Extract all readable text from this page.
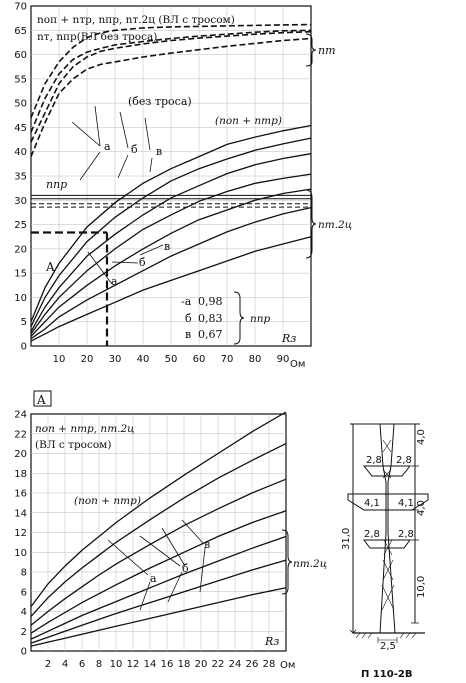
0
5
10
15
20
25
30
35
40
45
50
55
60
65
70
10 20 30 40 50 60 70 80 90
nоп + nтр, nпр, nт.2ц (ВЛ с тросом)
nт, nпр(ВЛ без троса)
nт
(без троса)
(nоп + nтр)
а б в
nпр
nт.2ц
A
а
б
в
-а 0,98
б 0,83
в 0,67
nпр
Rз
Ом
A
0
2
4
6
8
10
12
14
16
18
20
22
24
2 4 6 8 10 12 14 16 18 20 22 24 26 28
nоп + nтр, nт.2ц
(ВЛ с тросом)
(nоп + nтр)
а
б
в
nт.2ц
Rз
Ом
4,0
4,0
10,0
31,0
2,8 2,8
4,1 4,1
2,8 2,8
2,5
П 110-2В
